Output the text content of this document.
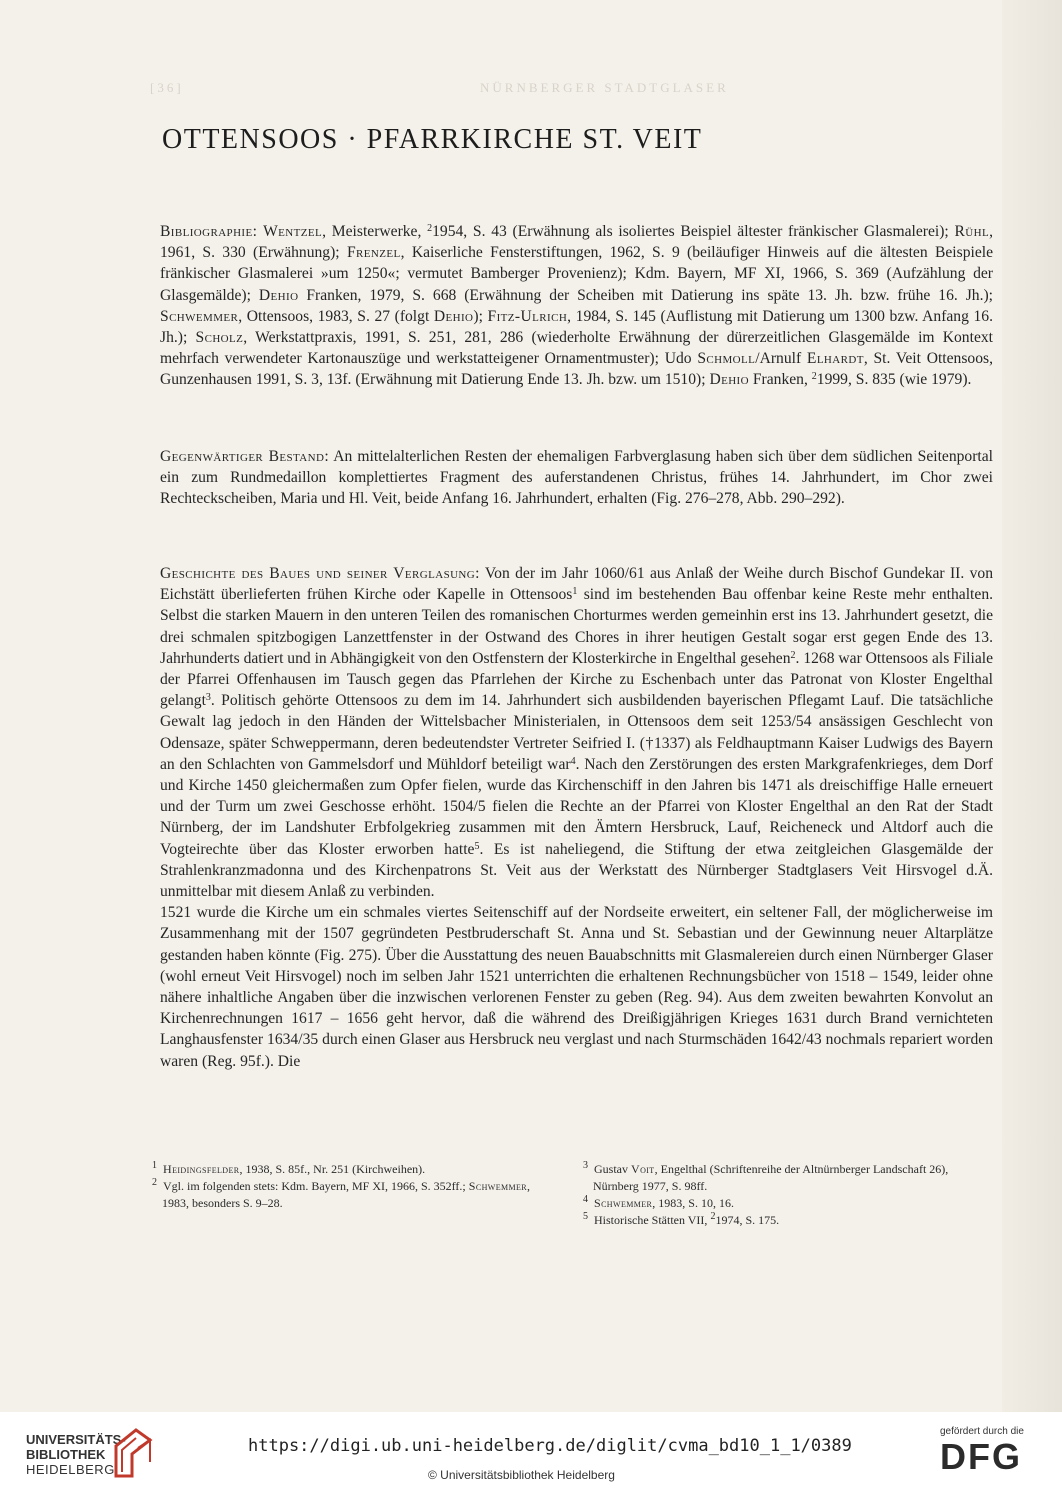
[36]	NÜRNBERGER STADTGLASER
OTTENSOOS · PFARRKIRCHE ST. VEIT

Bibliographie: Wentzel, Meisterwerke, $^2$1954, S. 43 (Erwähnung als isoliertes Beispiel ältester fränkischer Glasmalerei); Rühl, 1961, S. 330 (Erwähnung); Frenzel, Kaiserliche Fensterstiftungen, 1962, S. 9 (beiläufiger Hinweis auf die ältesten Beispiele fränkischer Glasmalerei »um 1250«; vermutet Bamberger Provenienz); Kdm. Bayern, MF XI, 1966, S. 369 (Aufzählung der Glasgemälde); Dehio Franken, 1979, S. 668 (Erwähnung der Scheiben mit Datierung ins späte 13. Jh. bzw. frühe 16. Jh.); Schwemmer, Ottensoos, 1983, S. 27 (folgt Dehio); Fitz-Ulrich, 1984, S. 145 (Auflistung mit Datierung um 1300 bzw. Anfang 16. Jh.); Scholz, Werkstattpraxis, 1991, S. 251, 281, 286 (wiederholte Erwähnung der dürerzeitlichen Glasgemälde im Kontext mehrfach verwendeter Kartonauszüge und werkstatteigener Ornamentmuster); Udo Schmoll/Arnulf Elhardt, St. Veit Ottensoos, Gunzenhausen 1991, S. 3, 13f. (Erwähnung mit Datierung Ende 13. Jh. bzw. um 1510); Dehio Franken, $^2$1999, S. 835 (wie 1979).

Gegenwärtiger Bestand: An mittelalterlichen Resten der ehemaligen Farbverglasung haben sich über dem südlichen Seitenportal ein zum Rundmedaillon komplettiertes Fragment des auferstandenen Christus, frühes 14. Jahrhundert, im Chor zwei Rechteckscheiben, Maria und Hl. Veit, beide Anfang 16. Jahrhundert, erhalten (Fig. 276–278, Abb. 290–292).

Geschichte des Baues und seiner Verglasung: Von der im Jahr 1060/61 aus Anlaß der Weihe durch Bischof Gundekar II. von Eichstätt überlieferten frühen Kirche oder Kapelle in Ottensoos$^1$ sind im bestehenden Bau offenbar keine Reste mehr enthalten. Selbst die starken Mauern in den unteren Teilen des romanischen Chorturmes werden gemeinhin erst ins 13. Jahrhundert gesetzt, die drei schmalen spitzbogigen Lanzettfenster in der Ostwand des Chores in ihrer heutigen Gestalt sogar erst gegen Ende des 13. Jahrhunderts datiert und in Abhängigkeit von den Ostfenstern der Klosterkirche in Engelthal gesehen$^2$. 1268 war Ottensoos als Filiale der Pfarrei Offenhausen im Tausch gegen das Pfarrlehen der Kirche zu Eschenbach unter das Patronat von Kloster Engelthal gelangt$^3$. Politisch gehörte Ottensoos zu dem im 14. Jahrhundert sich ausbildenden bayerischen Pflegamt Lauf. Die tatsächliche Gewalt lag jedoch in den Händen der Wittelsbacher Ministerialen, in Ottensoos dem seit 1253/54 ansässigen Geschlecht von Odensaze, später Schweppermann, deren bedeutendster Vertreter Seifried I. (†1337) als Feldhauptmann Kaiser Ludwigs des Bayern an den Schlachten von Gammelsdorf und Mühldorf beteiligt war$^4$. Nach den Zerstörungen des ersten Markgrafenkrieges, dem Dorf und Kirche 1450 gleichermaßen zum Opfer fielen, wurde das Kirchenschiff in den Jahren bis 1471 als dreischiffige Halle erneuert und der Turm um zwei Geschosse erhöht. 1504/5 fielen die Rechte an der Pfarrei von Kloster Engelthal an den Rat der Stadt Nürnberg, der im Landshuter Erbfolgekrieg zusammen mit den Ämtern Hersbruck, Lauf, Reicheneck und Altdorf auch die Vogteirechte über das Kloster erworben hatte$^5$. Es ist naheliegend, die Stiftung der etwa zeitgleichen Glasgemälde der Strahlenkranzmadonna und des Kirchenpatrons St. Veit aus der Werkstatt des Nürnberger Stadtglasers Veit Hirsvogel d.Ä. unmittelbar mit diesem Anlaß zu verbinden.

1521 wurde die Kirche um ein schmales viertes Seitenschiff auf der Nordseite erweitert, ein seltener Fall, der möglicherweise im Zusammenhang mit der 1507 gegründeten Pestbruderschaft St. Anna und St. Sebastian und der Gewinnung neuer Altarplätze gestanden haben könnte (Fig. 275). Über die Ausstattung des neuen Bauabschnitts mit Glasmalereien durch einen Nürnberger Glaser (wohl erneut Veit Hirsvogel) noch im selben Jahr 1521 unterrichten die erhaltenen Rechnungsbücher von 1518 – 1549, leider ohne nähere inhaltliche Angaben über die inzwischen verlorenen Fenster zu geben (Reg. 94). Aus dem zweiten bewahrten Konvolut an Kirchenrechnungen 1617 – 1656 geht hervor, daß die während des Dreißigjährigen Krieges 1631 durch Brand vernichteten Langhausfenster 1634/35 durch einen Glaser aus Hersbruck neu verglast und nach Sturmschäden 1642/43 nochmals repariert worden waren (Reg. 95f.). Die

$^1$  Heidingsfelder, 1938, S. 85f., Nr. 251 (Kirchweihen).

$^2$  Vgl. im folgenden stets: Kdm. Bayern, MF XI, 1966, S. 352ff.; Schwemmer, 1983, besonders S. 9–28.

$^3$  Gustav Voit, Engelthal (Schriftenreihe der Altnürnberger Landschaft 26), Nürnberg 1977, S. 98ff.

$^4$  Schwemmer, 1983, S. 10, 16.

$^5$  Historische Stätten VII, $^2$1974, S. 175.

UNIVERSITÄTS-
BIBLIOTHEK
HEIDELBERG
https://digi.ub.uni-heidelberg.de/diglit/cvma_bd10_1_1/0389
© Universitätsbibliothek Heidelberg
gefördert durch die
DFG
